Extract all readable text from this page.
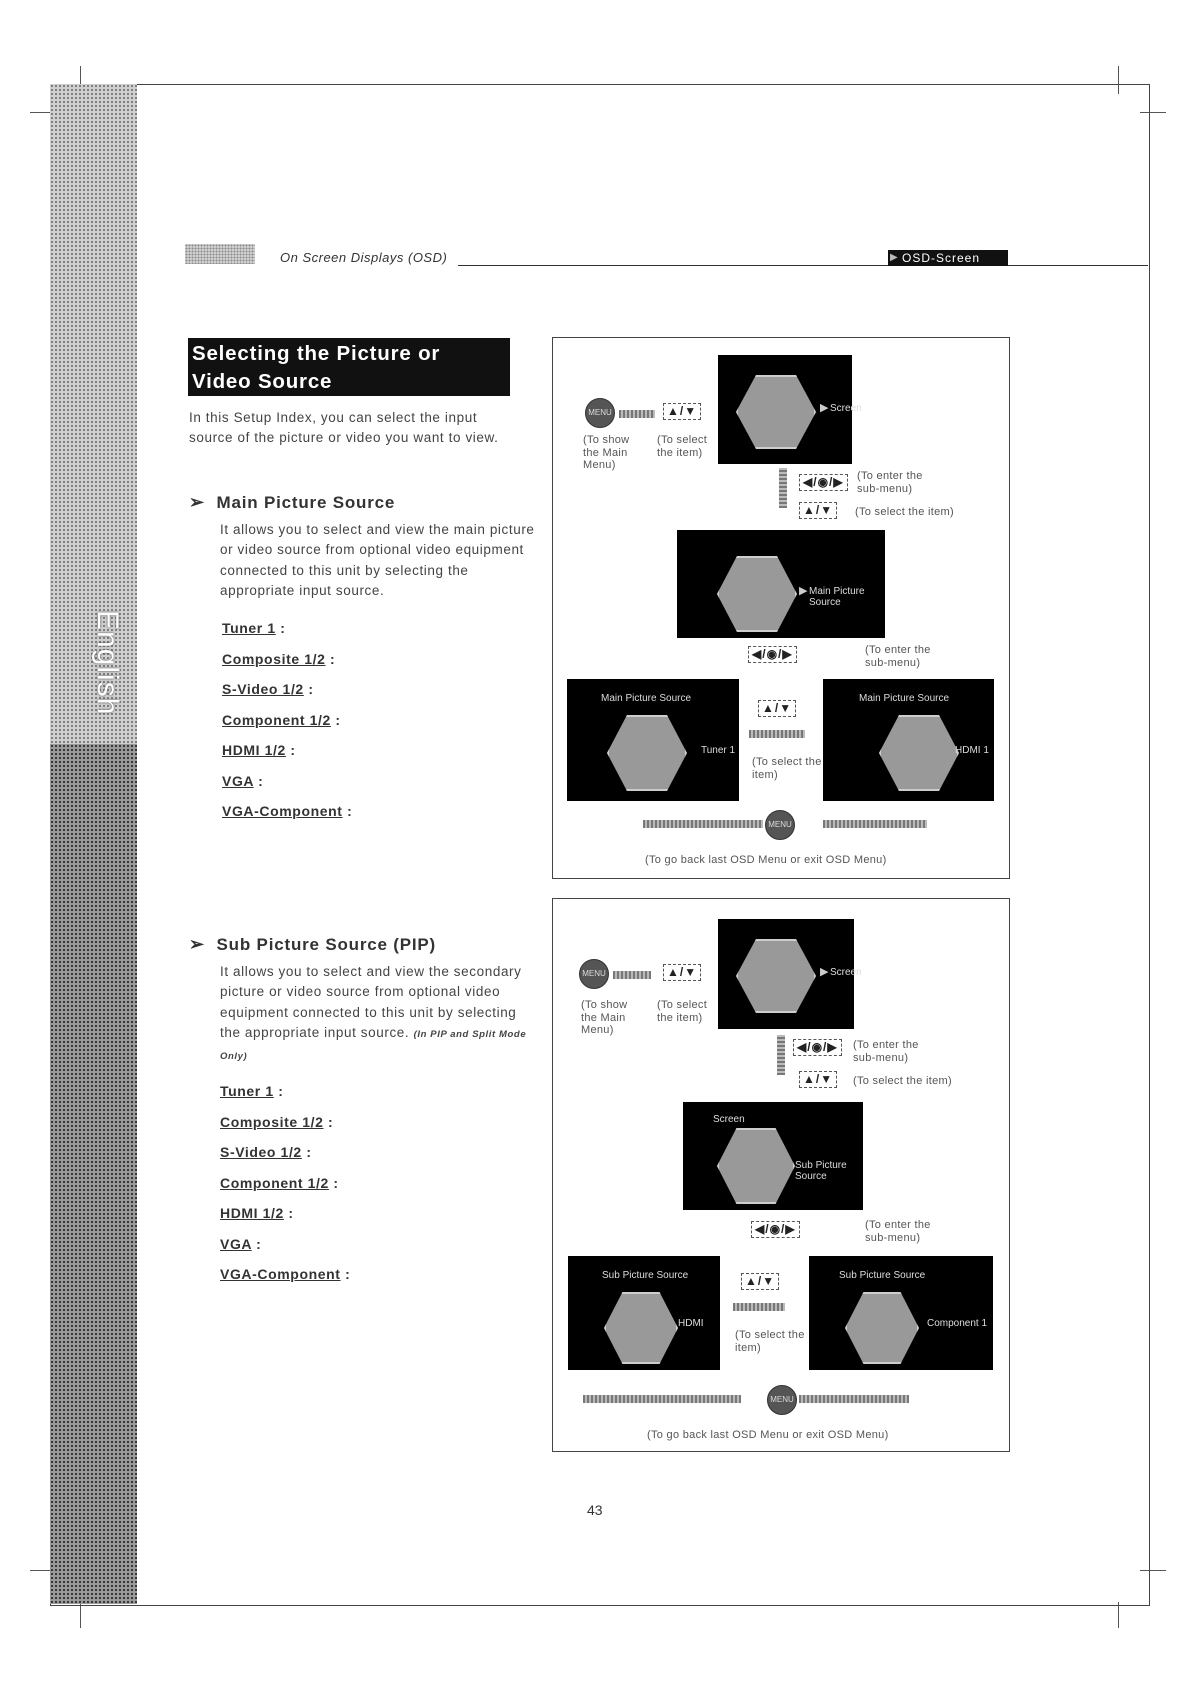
English
On Screen Displays (OSD)
▶	OSD-Screen
Selecting the Picture or Video Source
In this Setup Index, you can select the input source of the picture or video you want to view.
➢ Main Picture Source
It allows you to select and view the main picture or video source from optional video equipment connected to this unit by selecting the appropriate input source.
Tuner 1 :
Composite 1/2 :
S-Video 1/2 :
Component 1/2 :
HDMI 1/2 :
VGA :
VGA-Component :
➢ Sub Picture Source (PIP)
It allows you to select and view the secondary picture or video source from optional video equipment connected to this unit by selecting the appropriate input source. (In PIP and Split Mode Only)
Tuner 1 :
Composite 1/2 :
S-Video 1/2 :
Component 1/2 :
HDMI 1/2 :
VGA :
VGA-Component :
MENU	▲/▼
(To show the Main Menu)
(To select the item)
▶ Screen
◀/◉/▶	(To enter the sub-menu)
▲/▼	(To select the item)
▶ Main Picture Source
◀/◉/▶	(To enter the sub-menu)
Main Picture Source
Tuner 1
▲/▼
(To select the item)
Main Picture Source
HDMI 1
MENU
(To go back last OSD Menu or exit OSD Menu)
MENU	▲/▼
(To show the Main Menu)
(To select the item)
▶ Screen
◀/◉/▶	(To enter the sub-menu)
▲/▼	(To select the item)
Screen
Sub Picture Source
◀/◉/▶	(To enter the sub-menu)
Sub Picture Source
HDMI
▲/▼
(To select the item)
Sub Picture Source
Component 1
MENU
(To go back last OSD Menu or exit OSD Menu)
43
